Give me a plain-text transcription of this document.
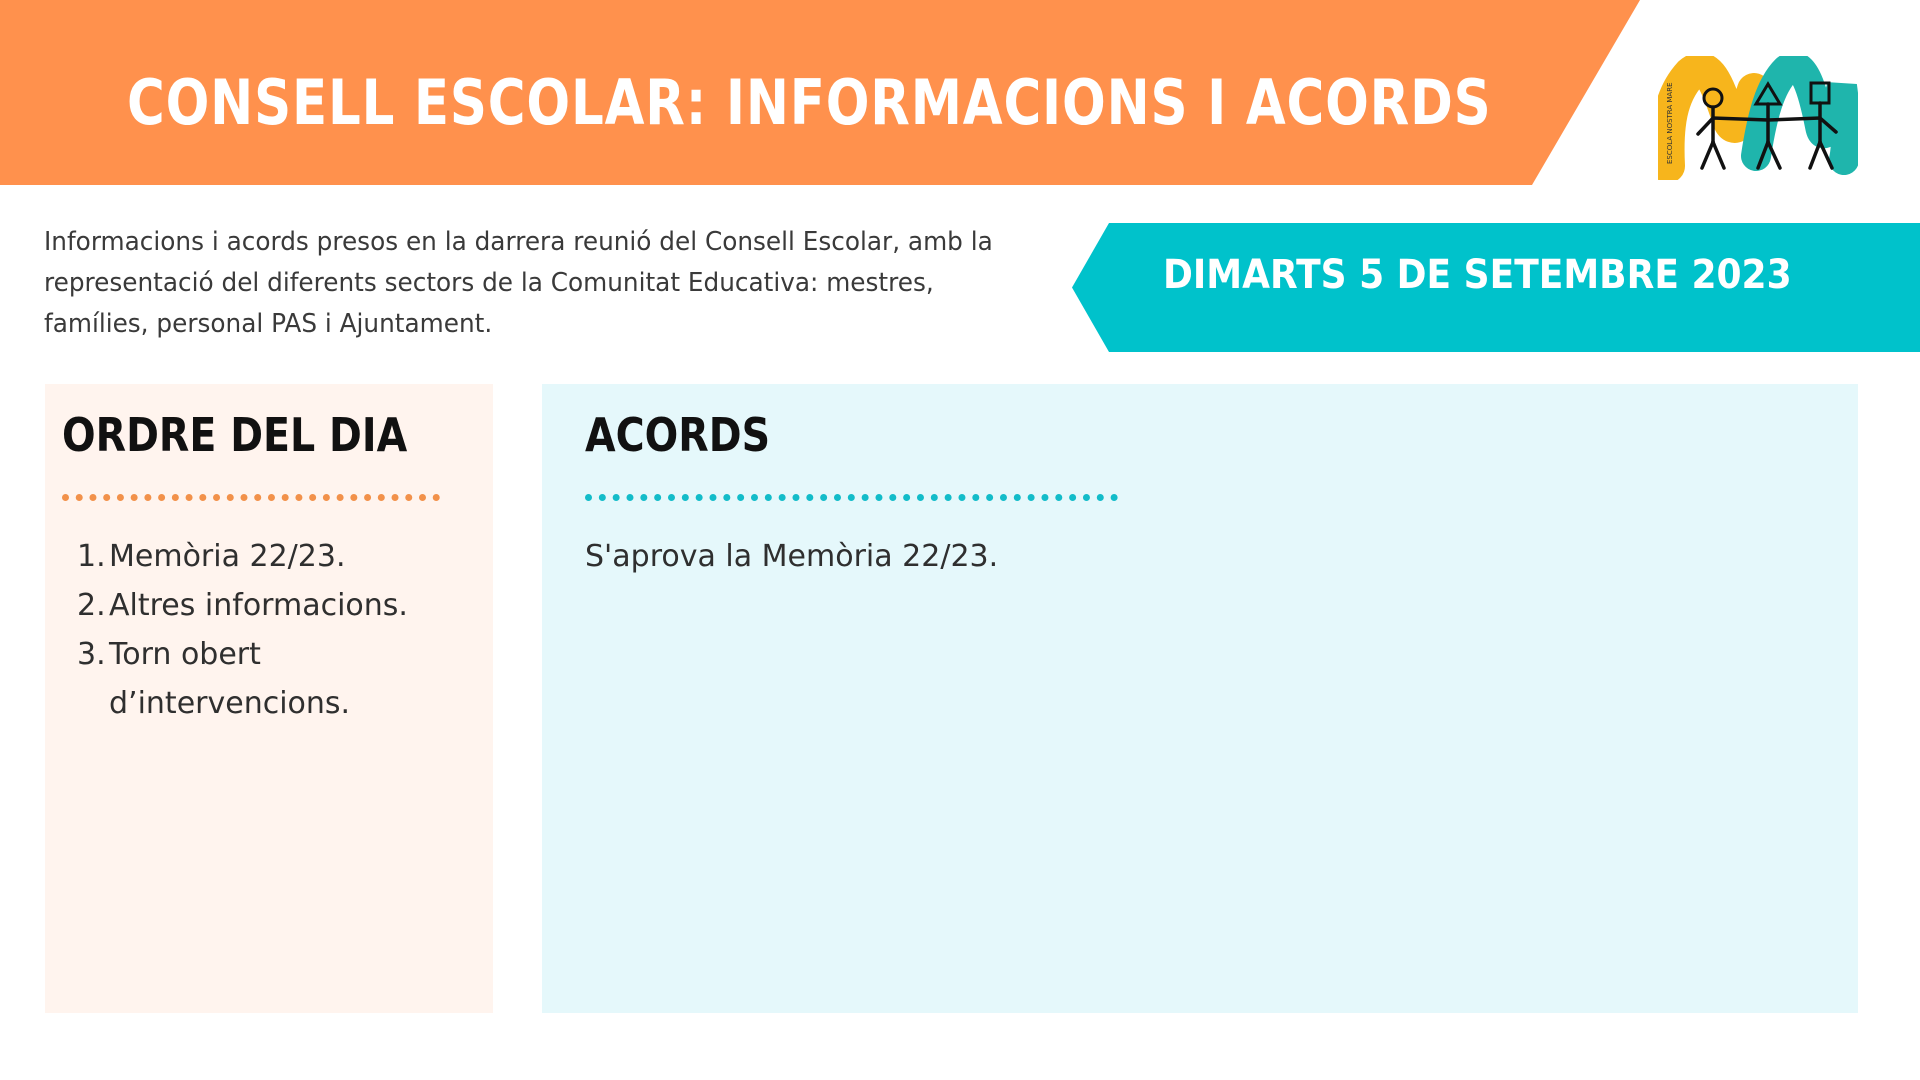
CONSELL ESCOLAR: INFORMACIONS I ACORDS	ESCOLA NOSTRA MARE

Informacions i acords presos en la darrera reunió del Consell Escolar, amb la representació del diferents sectors de la Comunitat Educativa: mestres, famílies, personal PAS i Ajuntament.

DIMARTS 5 DE SETEMBRE 2023
ORDRE DEL DIA
1. Memòria 22/23.
2. Altres informacions.
3. Torn obert d’intervencions.
ACORDS

S'aprova la Memòria 22/23.
